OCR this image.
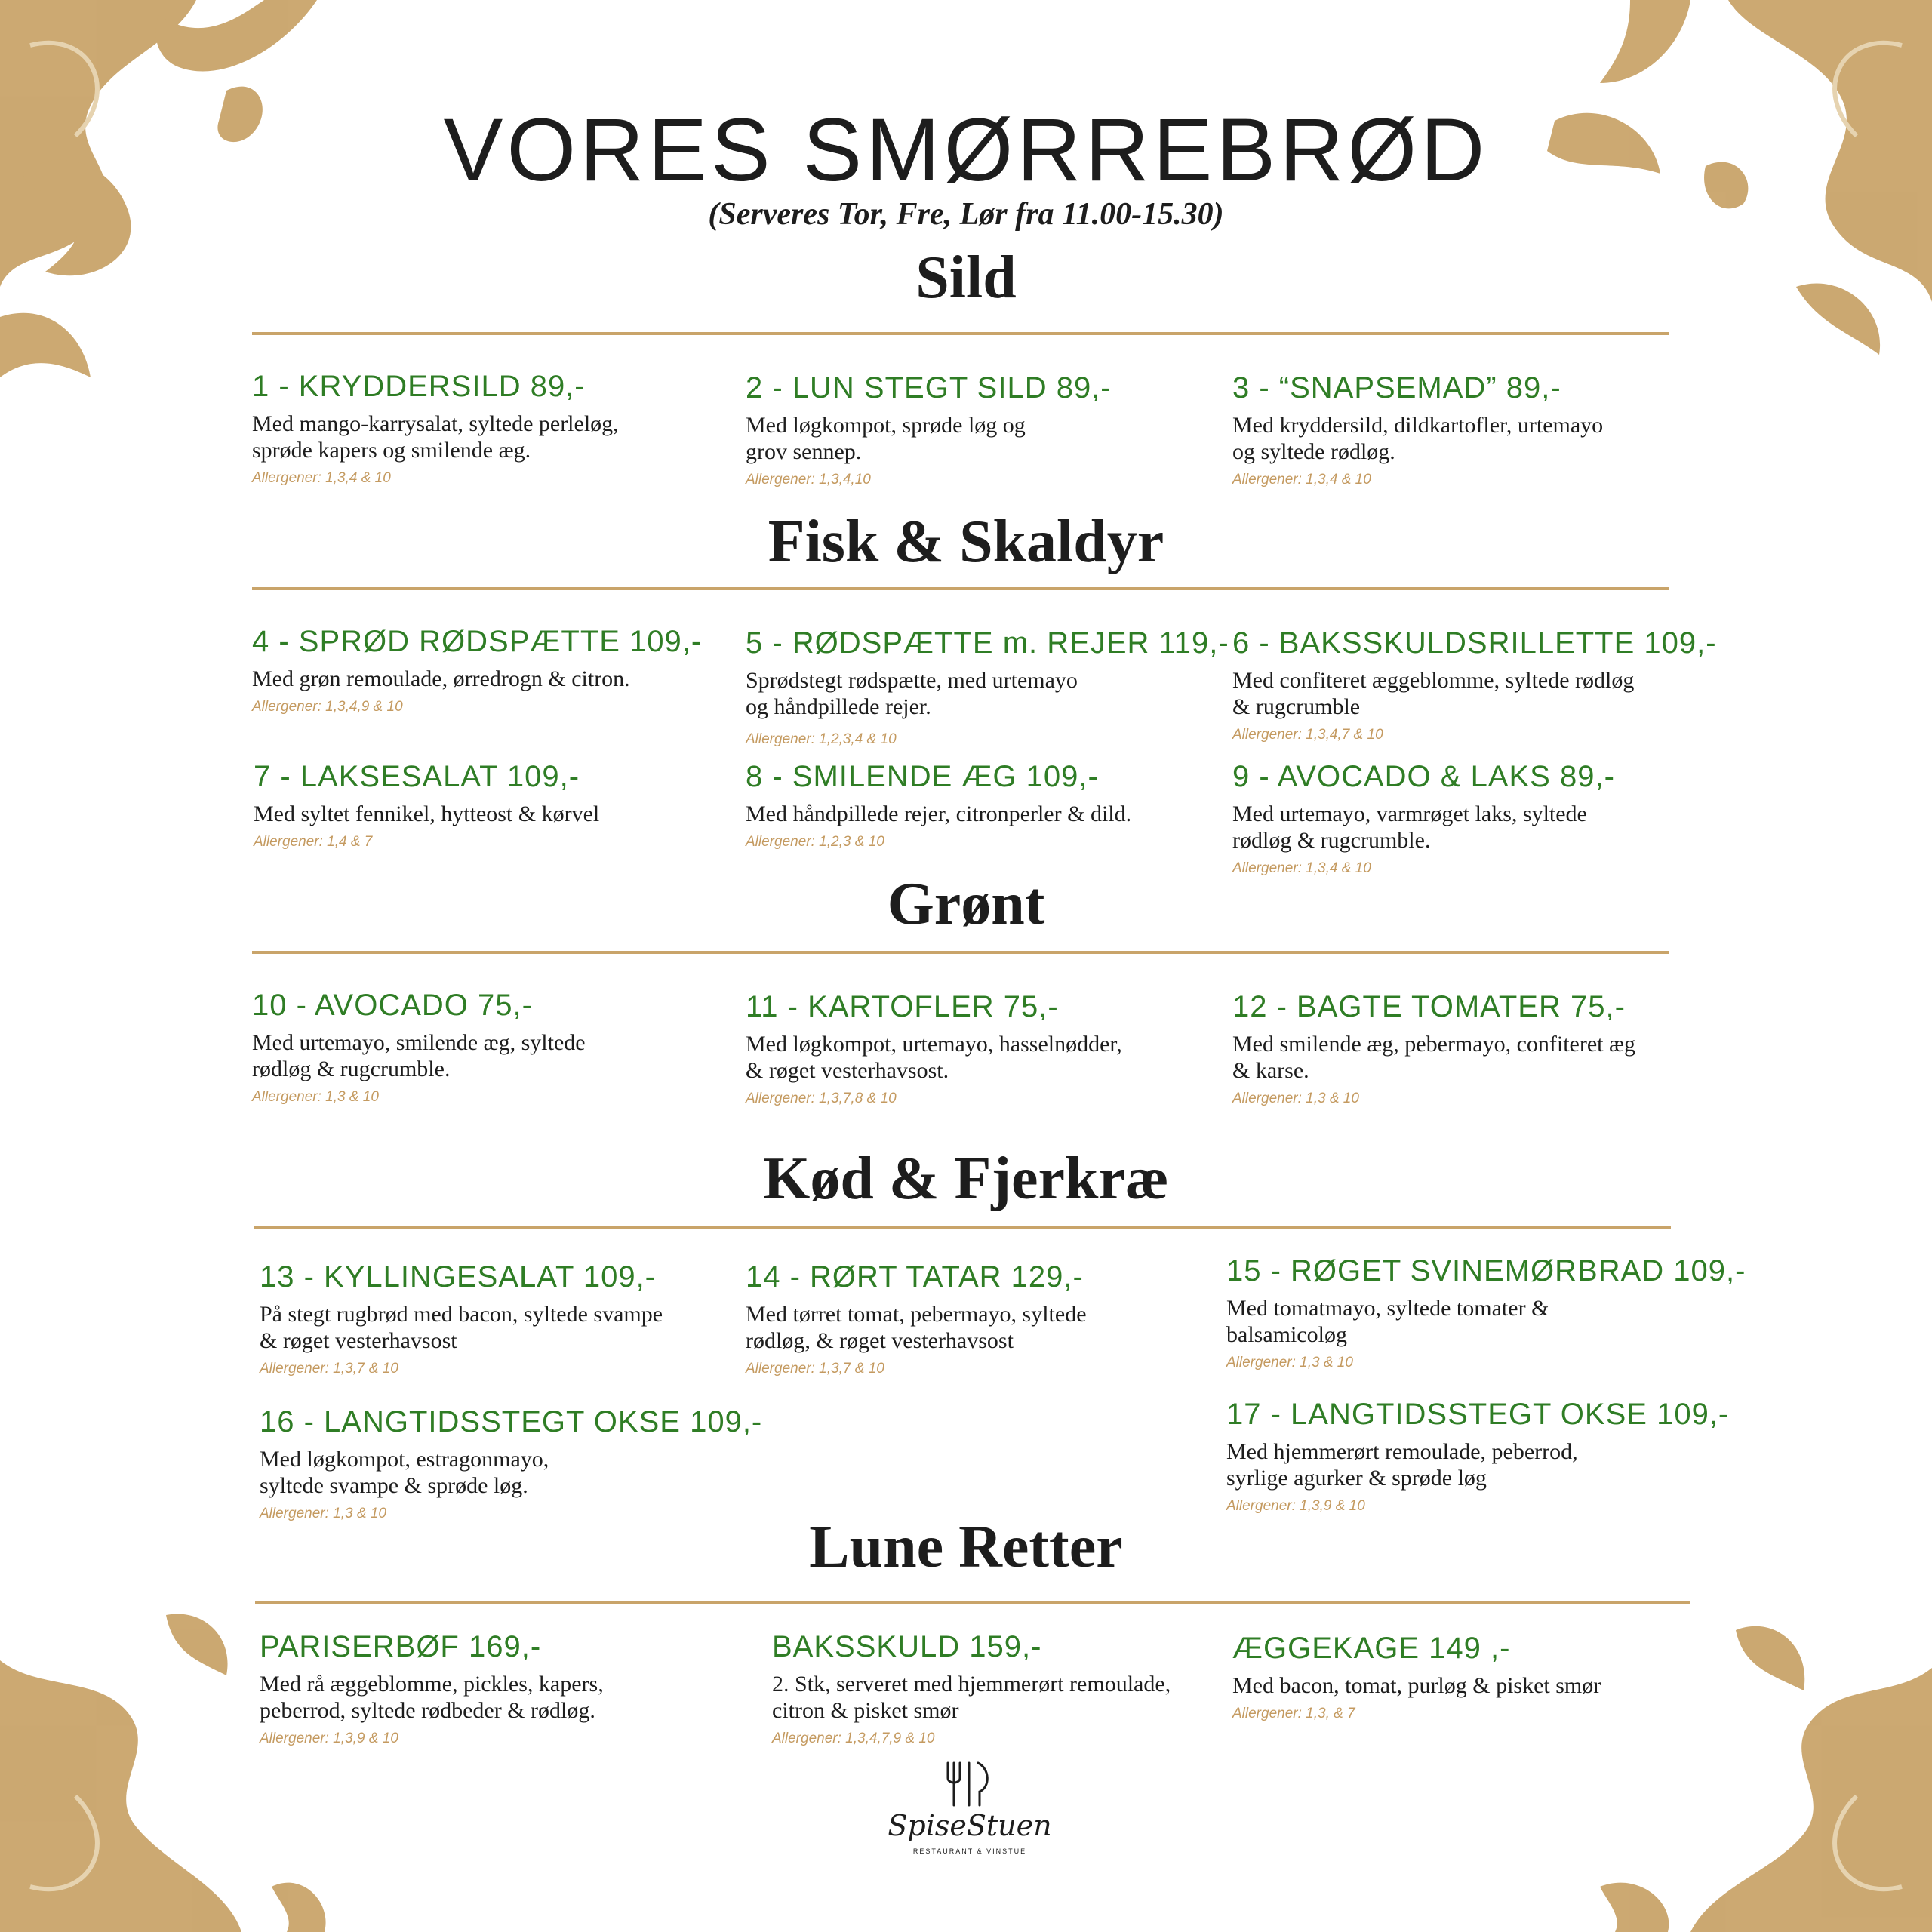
VORES SMØRREBRØD

(Serveres Tor, Fre, Lør fra 11.00-15.30)

Sild

1 - KRYDDERSILD 89,-

Med mango-karrysalat, syltede perleløg,
sprøde kapers og smilende æg.

Allergener: 1,3,4 & 10

2 - LUN STEGT SILD 89,-

Med løgkompot, sprøde løg og
grov sennep.

Allergener: 1,3,4,10

3 - “SNAPSEMAD” 89,-

Med kryddersild, dildkartofler, urtemayo
og syltede rødløg.

Allergener: 1,3,4 & 10

Fisk & Skaldyr

4 - SPRØD RØDSPÆTTE 109,-

Med grøn remoulade, ørredrogn & citron.

Allergener: 1,3,4,9 & 10

5 - RØDSPÆTTE m. REJER 119,-

Sprødstegt rødspætte, med urtemayo
og håndpillede rejer.

Allergener: 1,2,3,4 & 10

6 - BAKSSKULDSRILLETTE 109,-

Med confiteret æggeblomme, syltede rødløg
& rugcrumble

Allergener: 1,3,4,7 & 10

7 - LAKSESALAT 109,-

Med syltet fennikel, hytteost & kørvel

Allergener: 1,4 & 7

8 - SMILENDE ÆG 109,-

Med håndpillede rejer, citronperler & dild.

Allergener: 1,2,3 & 10

9 - AVOCADO & LAKS 89,-

Med urtemayo, varmrøget laks, syltede
rødløg & rugcrumble.

Allergener: 1,3,4 & 10

Grønt

10 - AVOCADO 75,-

Med urtemayo, smilende æg, syltede
rødløg & rugcrumble.

Allergener: 1,3 & 10

11 - KARTOFLER 75,-

Med løgkompot, urtemayo, hasselnødder,
& røget vesterhavsost.

Allergener: 1,3,7,8 & 10

12 - BAGTE TOMATER 75,-

Med smilende æg, pebermayo, confiteret æg
& karse.

Allergener: 1,3 & 10

Kød & Fjerkræ

13 - KYLLINGESALAT 109,-

På stegt rugbrød med bacon, syltede svampe
& røget vesterhavsost

Allergener: 1,3,7 & 10

14 - RØRT TATAR 129,-

Med tørret tomat, pebermayo, syltede
rødløg, & røget vesterhavsost

Allergener: 1,3,7 & 10

15 - RØGET SVINEMØRBRAD 109,-

Med tomatmayo, syltede tomater &
balsamicoløg

Allergener: 1,3 & 10

16 - LANGTIDSSTEGT OKSE 109,-

Med løgkompot, estragonmayo,
syltede svampe & sprøde løg.

Allergener: 1,3 & 10

17 - LANGTIDSSTEGT OKSE 109,-

Med hjemmerørt remoulade, peberrod,
syrlige agurker & sprøde løg

Allergener: 1,3,9 & 10

Lune Retter

PARISERBØF 169,-

Med rå æggeblomme, pickles, kapers,
peberrod, syltede rødbeder & rødløg.

Allergener: 1,3,9 & 10

BAKSSKULD 159,-

2. Stk, serveret med hjemmerørt remoulade,
citron & pisket smør

Allergener: 1,3,4,7,9 & 10

ÆGGEKAGE 149 ,-

Med bacon, tomat, purløg & pisket smør

Allergener: 1,3, & 7

SpiseStuen
RESTAURANT & VINSTUE
